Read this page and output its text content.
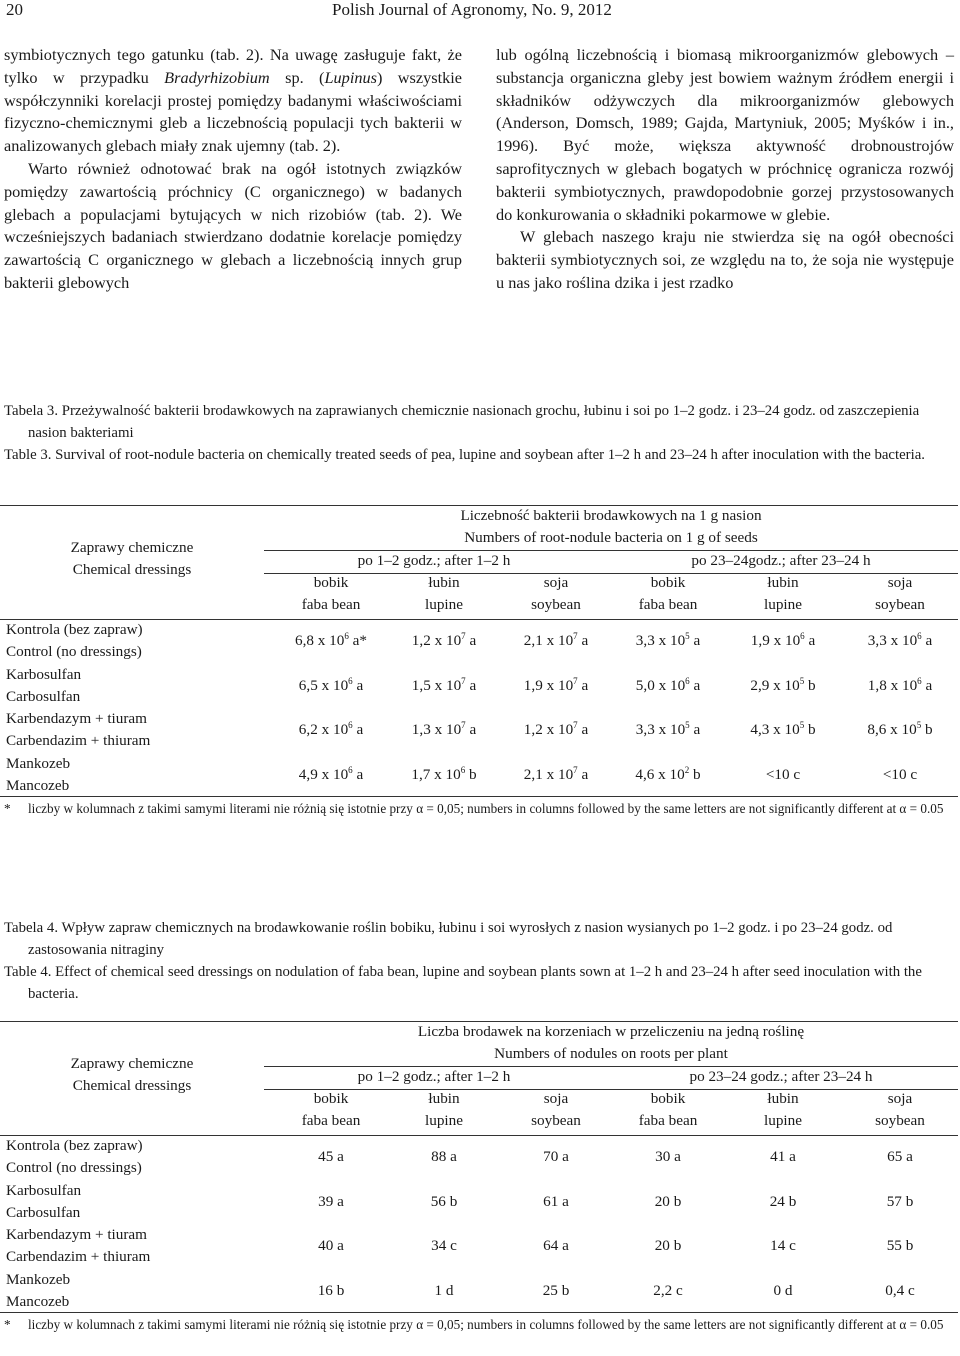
20	Polish Journal of Agronomy, No. 9, 2012

symbiotycznych tego gatunku (tab. 2). Na uwagę zasługuje fakt, że tylko w przypadku Bradyrhizobium sp. (Lupinus) wszystkie współczynniki korelacji prostej pomiędzy badanymi właściwościami fizyczno-chemicznymi gleb a liczebnością populacji tych bakterii w analizowanych glebach miały znak ujemny (tab. 2).

Warto również odnotować brak na ogół istotnych związków pomiędzy zawartością próchnicy (C organicznego) w badanych glebach a populacjami bytujących w nich rizobiów (tab. 2). We wcześniejszych badaniach stwierdzano dodatnie korelacje pomiędzy zawartością C organicznego w glebach a liczebnością innych grup bakterii glebowych

lub ogólną liczebnością i biomasą mikroorganizmów glebowych – substancja organiczna gleby jest bowiem ważnym źródłem energii i składników odżywczych dla mikroorganizmów glebowych (Anderson, Domsch, 1989; Gajda, Martyniuk, 2005; Myśków i in., 1996). Być może, większa aktywność drobnoustrojów saprofitycznych w glebach bogatych w próchnicę ogranicza rozwój bakterii symbiotycznych, prawdopodobnie gorzej przystosowanych do konkurowania o składniki pokarmowe w glebie.

W glebach naszego kraju nie stwierdza się na ogół obecności bakterii symbiotycznych soi, ze względu na to, że soja nie występuje u nas jako roślina dzika i jest rzadko

Tabela 3. Przeżywalność bakterii brodawkowych na zaprawianych chemicznie nasionach grochu, łubinu i soi po 1–2 godz. i 23–24 godz. od zaszczepienia nasion bakteriami
Table 3. Survival of root-nodule bacteria on chemically treated seeds of pea, lupine and soybean after 1–2 h and 23–24 h after inoculation with the bacteria.
Zaprawy chemiczne
Chemical dressings
Liczebność bakterii brodawkowych na 1 g nasion
Numbers of root-nodule bacteria on 1 g of seeds
po 1–2 godz.; after 1–2 h	po 23–24godz.; after 23–24 h
bobik
faba bean
łubin
lupine
soja
soybean
bobik
faba bean
łubin
lupine
soja
soybean
Kontrola (bez zapraw)
Control (no dressings)
6,8 x $10^6$ a*	1,2 x $10^7$ a	2,1 x $10^7$ a	3,3 x $10^5$ a	1,9 x $10^6$ a	3,3 x $10^6$ a
Karbosulfan
Carbosulfan
6,5 x $10^6$ a	1,5 x $10^7$ a	1,9 x $10^7$ a	5,0 x $10^6$ a	2,9 x $10^5$ b	1,8 x $10^6$ a
Karbendazym + tiuram
Carbendazim + thiuram
6,2 x $10^6$ a	1,3 x $10^7$ a	1,2 x $10^7$ a	3,3 x $10^5$ a	4,3 x $10^5$ b	8,6 x $10^5$ b
Mankozeb
Mancozeb
4,9 x $10^6$ a	1,7 x $10^6$ b	2,1 x $10^7$ a	4,6 x $10^2$ b	<10 c	<10 c
* liczby w kolumnach z takimi samymi literami nie różnią się istotnie przy α = 0,05; numbers in columns followed by the same letters are not significantly different at α = 0.05
Tabela 4. Wpływ zapraw chemicznych na brodawkowanie roślin bobiku, łubinu i soi wyrosłych z nasion wysianych po 1–2 godz. i po 23–24 godz. od zastosowania nitraginy
Table 4. Effect of chemical seed dressings on nodulation of faba bean, lupine and soybean plants sown at 1–2 h and 23–24 h after seed inoculation with the bacteria.
Zaprawy chemiczne
Chemical dressings
Liczba brodawek na korzeniach w przeliczeniu na jedną roślinę
Numbers of nodules on roots per plant
po 1–2 godz.; after 1–2 h	po 23–24 godz.; after 23–24 h
bobik
faba bean
łubin
lupine
soja
soybean
bobik
faba bean
łubin
lupine
soja
soybean
Kontrola (bez zapraw)
Control (no dressings)
45 a	88 a	70 a	30 a	41 a	65 a
Karbosulfan
Carbosulfan
39 a	56 b	61 a	20 b	24 b	57 b
Karbendazym + tiuram
Carbendazim + thiuram
40 a	34 c	64 a	20 b	14 c	55 b
Mankozeb
Mancozeb
16 b	1 d	25 b	2,2 c	0 d	0,4 c
* liczby w kolumnach z takimi samymi literami nie różnią się istotnie przy α = 0,05; numbers in columns followed by the same letters are not significantly different at α = 0.05
